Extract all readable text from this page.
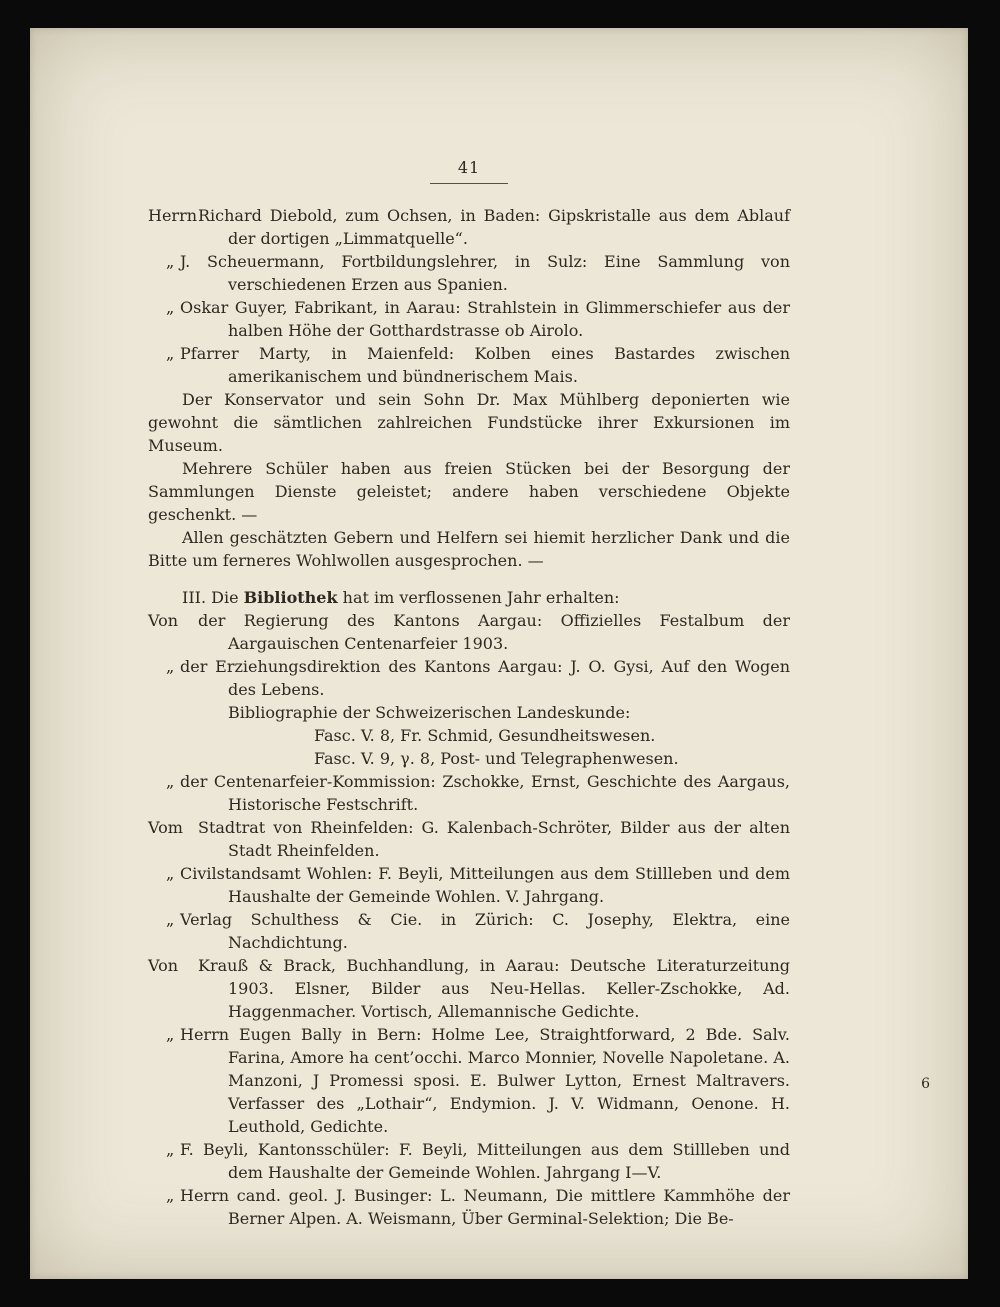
41
HerrnRichard Diebold, zum Ochsen, in Baden: Gipskristalle aus dem Ablauf der dortigen „Limmatquelle“.
„ J. Scheuermann, Fortbildungslehrer, in Sulz: Eine Sammlung von verschiedenen Erzen aus Spanien.
„ Oskar Guyer, Fabrikant, in Aarau: Strahlstein in Glimmerschiefer aus der halben Höhe der Gotthardstrasse ob Airolo.
„ Pfarrer Marty, in Maienfeld: Kolben eines Bastardes zwischen amerikanischem und bündnerischem Mais.

Der Konservator und sein Sohn Dr. Max Mühlberg deponierten wie gewohnt die sämtlichen zahlreichen Fundstücke ihrer Exkursionen im Museum.

Mehrere Schüler haben aus freien Stücken bei der Besorgung der Sammlungen Dienste geleistet; andere haben verschiedene Objekte geschenkt. —

Allen geschätzten Gebern und Helfern sei hiemit herzlicher Dank und die Bitte um ferneres Wohlwollen ausgesprochen. —

III. Die Bibliothek hat im verflossenen Jahr erhalten:

Von der Regierung des Kantons Aargau: Offizielles Festalbum der Aargauischen Centenarfeier 1903.
„ der Erziehungsdirektion des Kantons Aargau: J. O. Gysi, Auf den Wogen des Lebens.
Bibliographie der Schweizerischen Landeskunde:
Fasc. V. 8, Fr. Schmid, Gesundheitswesen.
Fasc. V. 9, γ. 8, Post- und Telegraphenwesen.
„ der Centenarfeier-Kommission: Zschokke, Ernst, Geschichte des Aargaus, Historische Festschrift.
Vom Stadtrat von Rheinfelden: G. Kalenbach-Schröter, Bilder aus der alten Stadt Rheinfelden.
„ Civilstandsamt Wohlen: F. Beyli, Mitteilungen aus dem Stillleben und dem Haushalte der Gemeinde Wohlen. V. Jahrgang.
„ Verlag Schulthess & Cie. in Zürich: C. Josephy, Elektra, eine Nachdichtung.
Von Krauß & Brack, Buchhandlung, in Aarau: Deutsche Literaturzeitung 1903. Elsner, Bilder aus Neu-Hellas. Keller-Zschokke, Ad. Haggenmacher. Vortisch, Allemannische Gedichte.
„ Herrn Eugen Bally in Bern: Holme Lee, Straightforward, 2 Bde. Salv. Farina, Amore ha cent’occhi. Marco Monnier, Novelle Napoletane. A. Manzoni, J Promessi sposi. E. Bulwer Lytton, Ernest Maltravers. Verfasser des „Lothair“, Endymion. J. V. Widmann, Oenone. H. Leuthold, Gedichte.
„ F. Beyli, Kantonsschüler: F. Beyli, Mitteilungen aus dem Stillleben und dem Haushalte der Gemeinde Wohlen. Jahrgang I—V.
„ Herrn cand. geol. J. Businger: L. Neumann, Die mittlere Kammhöhe der Berner Alpen. A. Weismann, Über Germinal-Selektion; Die Be-
6
